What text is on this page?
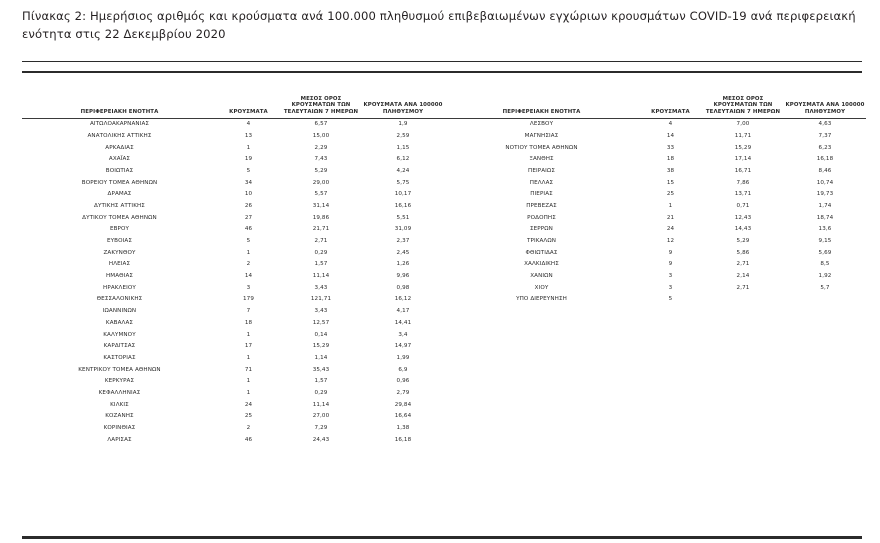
Πίνακας 2: Ημερήσιος αριθμός και κρούσματα ανά 100.000 πληθυσμού επιβεβαιωμένων εγχώριων κρουσμάτων COVID-19 ανά περιφερειακή ενότητα στις 22 Δεκεμβρίου 2020
ΠΕΡΙΦΕΡΕΙΑΚΗ ΕΝΟΤΗΤΑ	ΚΡΟΥΣΜΑΤΑ	ΜΕΣΟΣ ΟΡΟΣ ΚΡΟΥΣΜΑΤΩΝ ΤΩΝ
ΤΕΛΕΥΤΑΙΩΝ 7 ΗΜΕΡΩΝ	ΚΡΟΥΣΜΑΤΑ ΑΝΑ 100000 ΠΛΗΘΥΣΜΟΥ
ΑΙΤΩΛΟΑΚΑΡΝΑΝΙΑΣ	4	6,57	1,9
ΑΝΑΤΟΛΙΚΗΣ ΑΤΤΙΚΗΣ	13	15,00	2,59
ΑΡΚΑΔΙΑΣ	1	2,29	1,15
ΑΧΑΪΑΣ	19	7,43	6,12
ΒΟΙΩΤΙΑΣ	5	5,29	4,24
ΒΟΡΕΙΟΥ ΤΟΜΕΑ ΑΘΗΝΩΝ	34	29,00	5,75
ΔΡΑΜΑΣ	10	5,57	10,17
ΔΥΤΙΚΗΣ ΑΤΤΙΚΗΣ	26	31,14	16,16
ΔΥΤΙΚΟΥ ΤΟΜΕΑ ΑΘΗΝΩΝ	27	19,86	5,51
ΕΒΡΟΥ	46	21,71	31,09
ΕΥΒΟΙΑΣ	5	2,71	2,37
ΖΑΚΥΝΘΟΥ	1	0,29	2,45
ΗΛΕΙΑΣ	2	1,57	1,26
ΗΜΑΘΙΑΣ	14	11,14	9,96
ΗΡΑΚΛΕΙΟΥ	3	3,43	0,98
ΘΕΣΣΑΛΟΝΙΚΗΣ	179	121,71	16,12
ΙΩΑΝΝΙΝΩΝ	7	3,43	4,17
ΚΑΒΑΛΑΣ	18	12,57	14,41
ΚΑΛΥΜΝΟΥ	1	0,14	3,4
ΚΑΡΔΙΤΣΑΣ	17	15,29	14,97
ΚΑΣΤΟΡΙΑΣ	1	1,14	1,99
ΚΕΝΤΡΙΚΟΥ ΤΟΜΕΑ ΑΘΗΝΩΝ	71	35,43	6,9
ΚΕΡΚΥΡΑΣ	1	1,57	0,96
ΚΕΦΑΛΛΗΝΙΑΣ	1	0,29	2,79
ΚΙΛΚΙΣ	24	11,14	29,84
ΚΟΖΑΝΗΣ	25	27,00	16,64
ΚΟΡΙΝΘΙΑΣ	2	7,29	1,38
ΛΑΡΙΣΑΣ	46	24,43	16,18
ΠΕΡΙΦΕΡΕΙΑΚΗ ΕΝΟΤΗΤΑ	ΚΡΟΥΣΜΑΤΑ	ΜΕΣΟΣ ΟΡΟΣ ΚΡΟΥΣΜΑΤΩΝ ΤΩΝ
ΤΕΛΕΥΤΑΙΩΝ 7 ΗΜΕΡΩΝ	ΚΡΟΥΣΜΑΤΑ ΑΝΑ 100000 ΠΛΗΘΥΣΜΟΥ
ΛΕΣΒΟΥ	4	7,00	4,63
ΜΑΓΝΗΣΙΑΣ	14	11,71	7,37
ΝΟΤΙΟΥ ΤΟΜΕΑ ΑΘΗΝΩΝ	33	15,29	6,23
ΞΑΝΘΗΣ	18	17,14	16,18
ΠΕΙΡΑΙΩΣ	38	16,71	8,46
ΠΕΛΛΑΣ	15	7,86	10,74
ΠΙΕΡΙΑΣ	25	13,71	19,73
ΠΡΕΒΕΖΑΣ	1	0,71	1,74
ΡΟΔΟΠΗΣ	21	12,43	18,74
ΣΕΡΡΩΝ	24	14,43	13,6
ΤΡΙΚΑΛΩΝ	12	5,29	9,15
ΦΘΙΩΤΙΔΑΣ	9	5,86	5,69
ΧΑΛΚΙΔΙΚΗΣ	9	2,71	8,5
ΧΑΝΙΩΝ	3	2,14	1,92
ΧΙΟΥ	3	2,71	5,7
ΥΠΟ ΔΙΕΡΕΥΝΗΣΗ	5		
